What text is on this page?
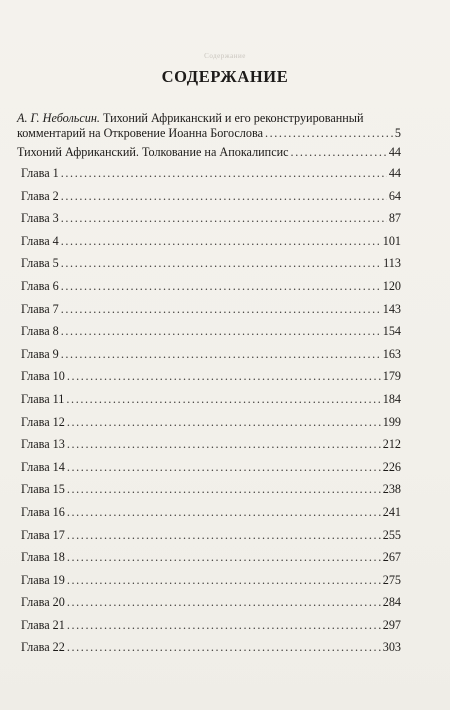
Содержание
СОДЕРЖАНИЕ
А. Г. Небольсин. Тихоний Африканский и его реконструированный
комментарий на Откровение Иоанна Богослова .....	5
Тихоний Африканский. Толкование на Апокалипсис .....	44
Глава 1 .....	44
Глава 2 .....	64
Глава 3 .....	87
Глава 4 .....	101
Глава 5 .....	113
Глава 6 .....	120
Глава 7 .....	143
Глава 8 .....	154
Глава 9 .....	163
Глава 10 .....	179
Глава 11 .....	184
Глава 12 .....	199
Глава 13 .....	212
Глава 14 .....	226
Глава 15 .....	238
Глава 16 .....	241
Глава 17 .....	255
Глава 18 .....	267
Глава 19 .....	275
Глава 20 .....	284
Глава 21 .....	297
Глава 22 .....	303
